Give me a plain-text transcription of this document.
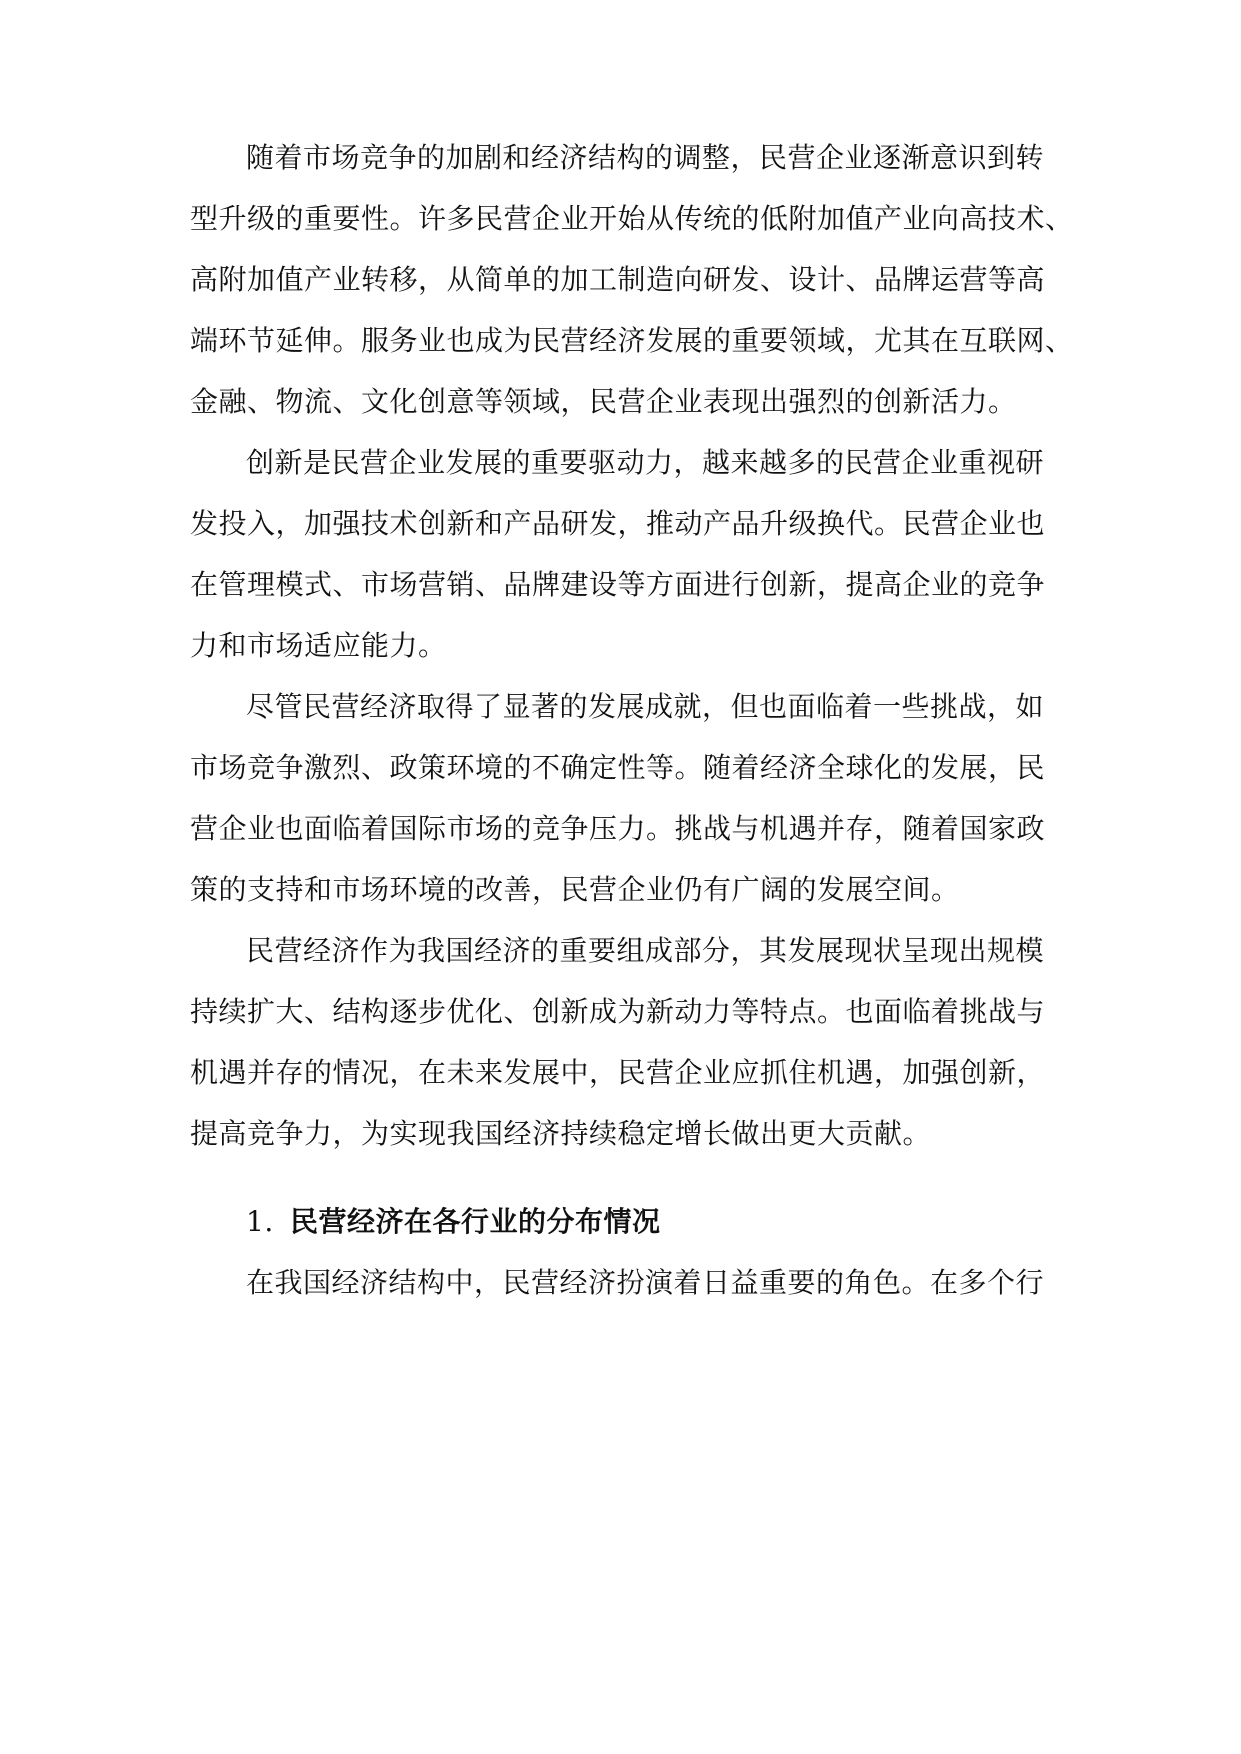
随着市场竞争的加剧和经济结构的调整，民营企业逐渐意识到转
型升级的重要性。许多民营企业开始从传统的低附加值产业向高技术、
高附加值产业转移，从简单的加工制造向研发、设计、品牌运营等高
端环节延伸。服务业也成为民营经济发展的重要领域，尤其在互联网、
金融、物流、文化创意等领域，民营企业表现出强烈的创新活力。
创新是民营企业发展的重要驱动力，越来越多的民营企业重视研
发投入，加强技术创新和产品研发，推动产品升级换代。民营企业也
在管理模式、市场营销、品牌建设等方面进行创新，提高企业的竞争
力和市场适应能力。
尽管民营经济取得了显著的发展成就，但也面临着一些挑战，如
市场竞争激烈、政策环境的不确定性等。随着经济全球化的发展，民
营企业也面临着国际市场的竞争压力。挑战与机遇并存，随着国家政
策的支持和市场环境的改善，民营企业仍有广阔的发展空间。
民营经济作为我国经济的重要组成部分，其发展现状呈现出规模
持续扩大、结构逐步优化、创新成为新动力等特点。也面临着挑战与
机遇并存的情况，在未来发展中，民营企业应抓住机遇，加强创新，
提高竞争力，为实现我国经济持续稳定增长做出更大贡献。
1. 民营经济在各行业的分布情况
在我国经济结构中，民营经济扮演着日益重要的角色。在多个行
